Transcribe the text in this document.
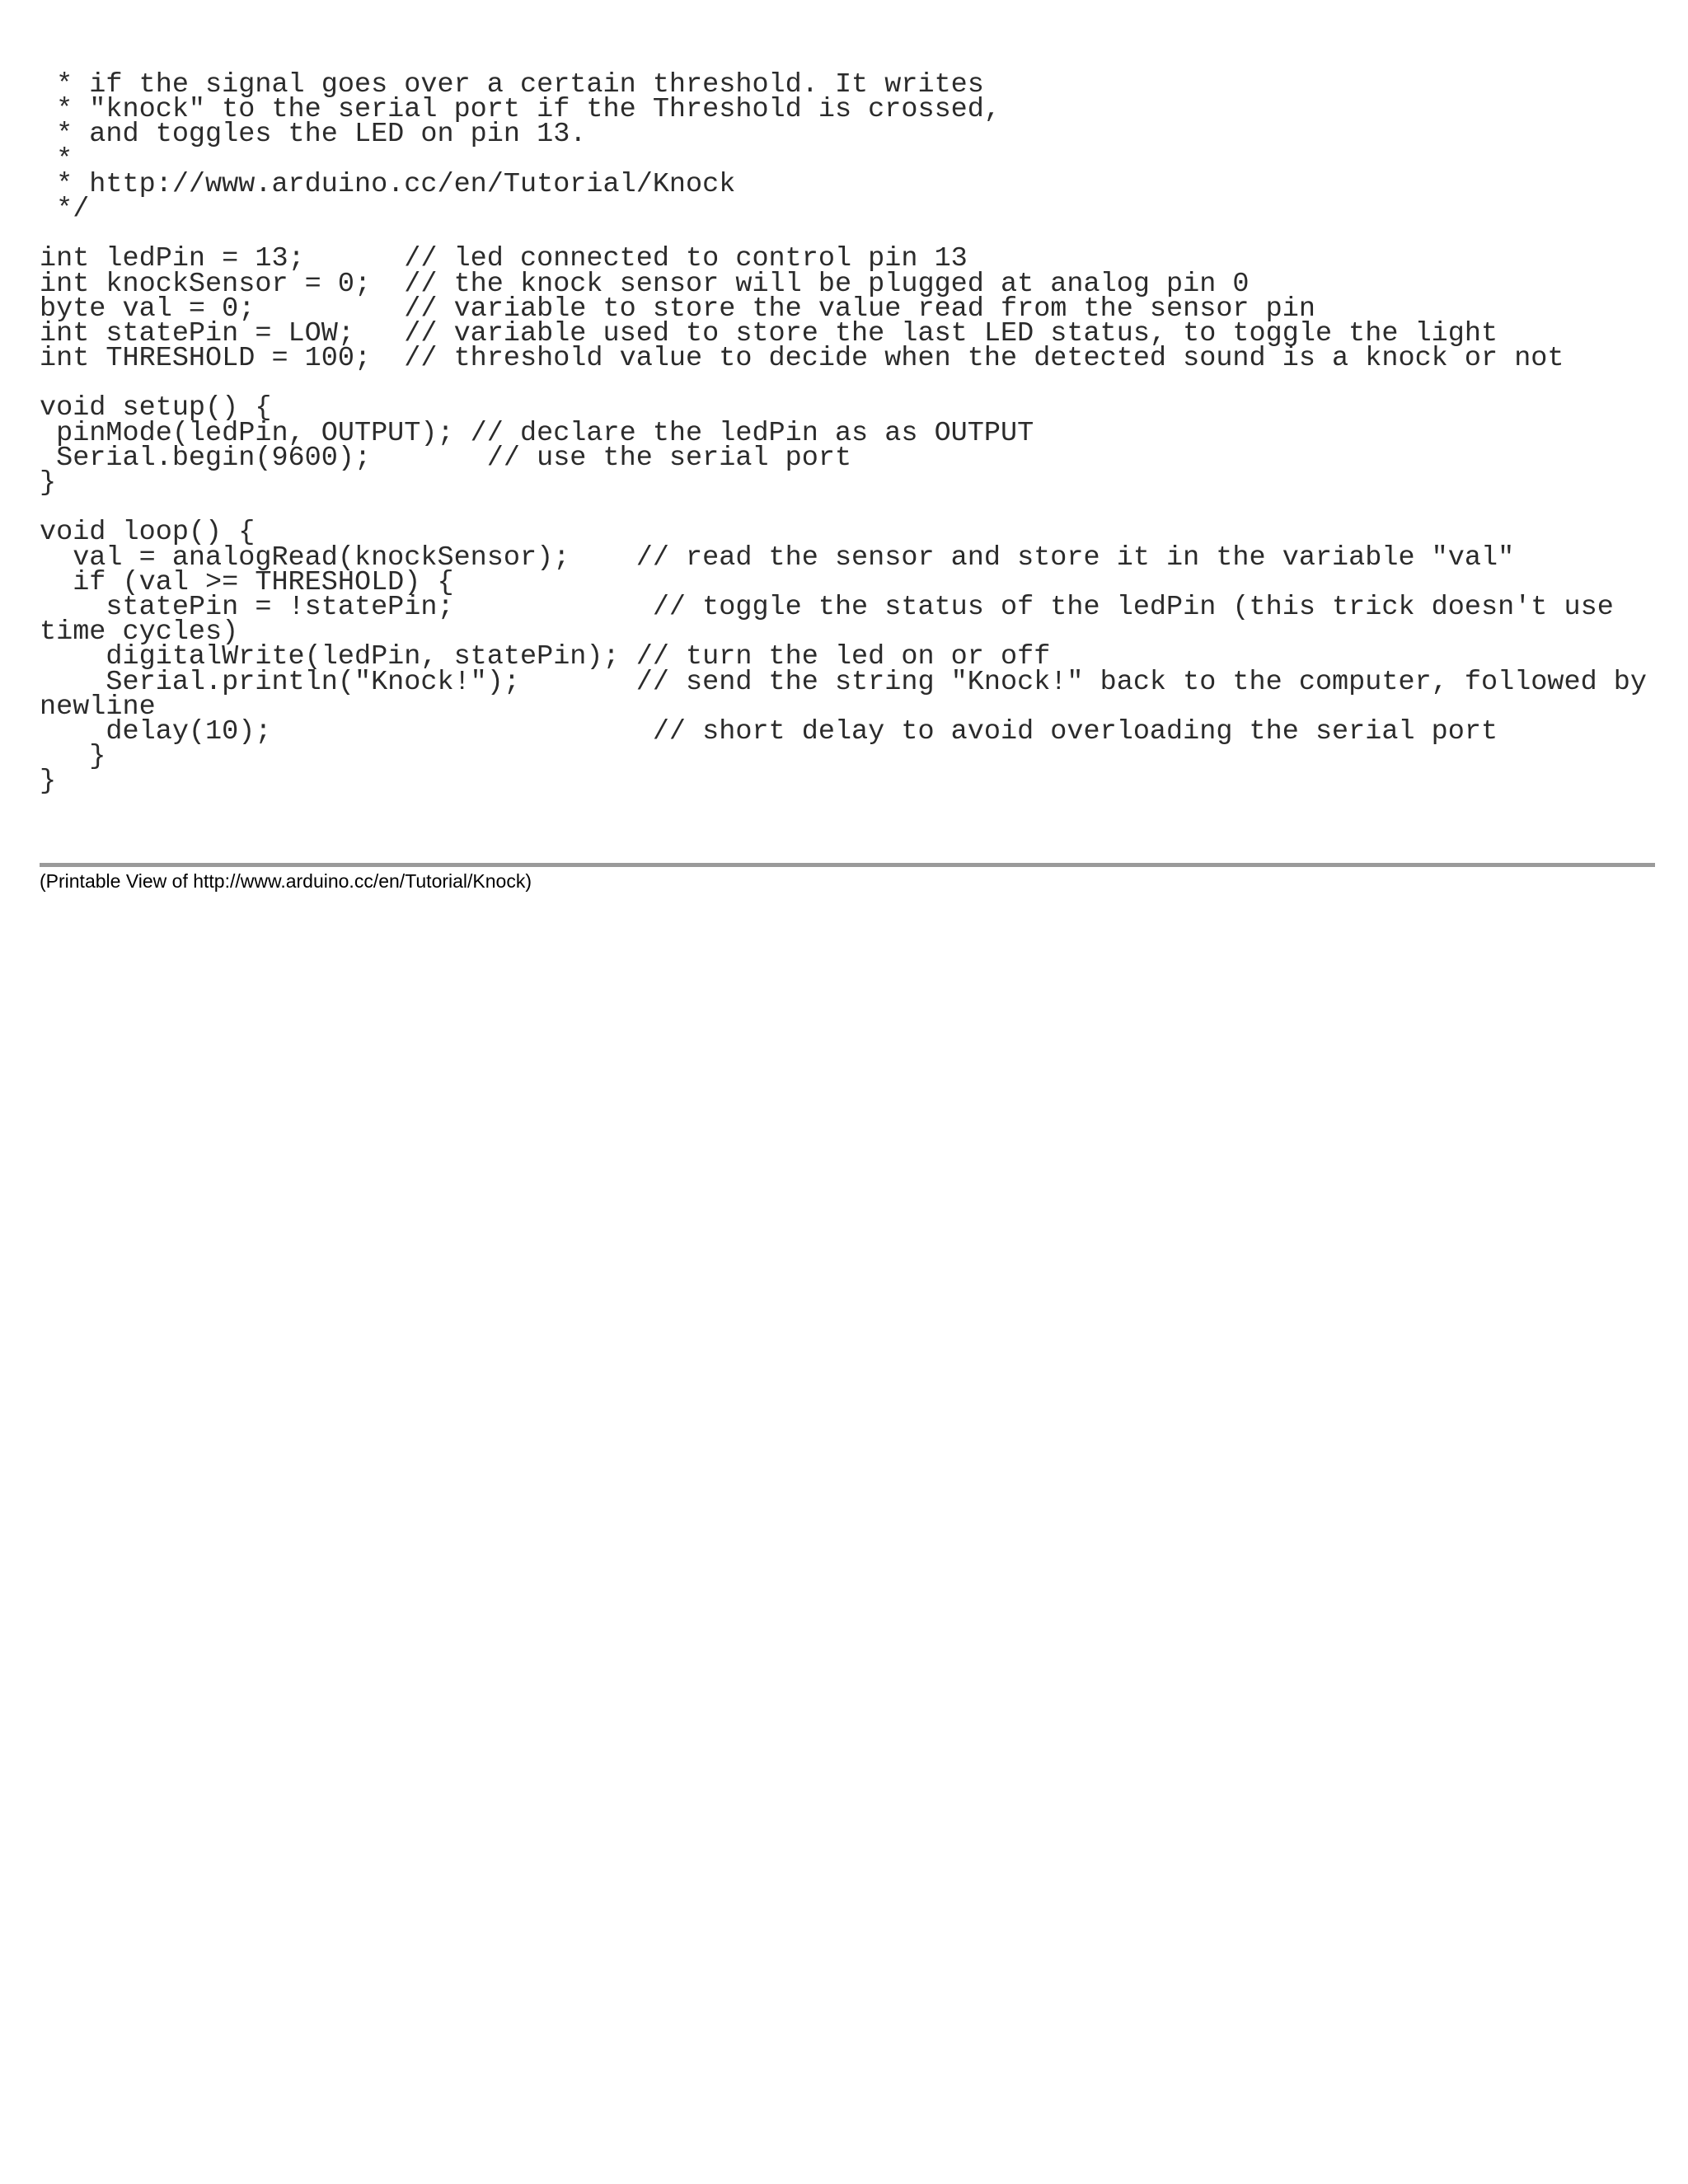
* if the signal goes over a certain threshold. It writes
* "knock" to the serial port if the Threshold is crossed,
* and toggles the LED on pin 13.
*
* http://www.arduino.cc/en/Tutorial/Knock
*/
int ledPin = 13;      // led connected to control pin 13
int knockSensor = 0;  // the knock sensor will be plugged at analog pin 0
byte val = 0;         // variable to store the value read from the sensor pin
int statePin = LOW;   // variable used to store the last LED status, to toggle the light
int THRESHOLD = 100;  // threshold value to decide when the detected sound is a knock or not
void setup() {
pinMode(ledPin, OUTPUT); // declare the ledPin as as OUTPUT
Serial.begin(9600);       // use the serial port
}
void loop() {
val = analogRead(knockSensor);    // read the sensor and store it in the variable "val"
if (val >= THRESHOLD) {
statePin = !statePin;            // toggle the status of the ledPin (this trick doesn't use
time cycles)
digitalWrite(ledPin, statePin); // turn the led on or off
Serial.println("Knock!");       // send the string "Knock!" back to the computer, followed by
newline
delay(10);                       // short delay to avoid overloading the serial port
}
}
(Printable View of http://www.arduino.cc/en/Tutorial/Knock)
